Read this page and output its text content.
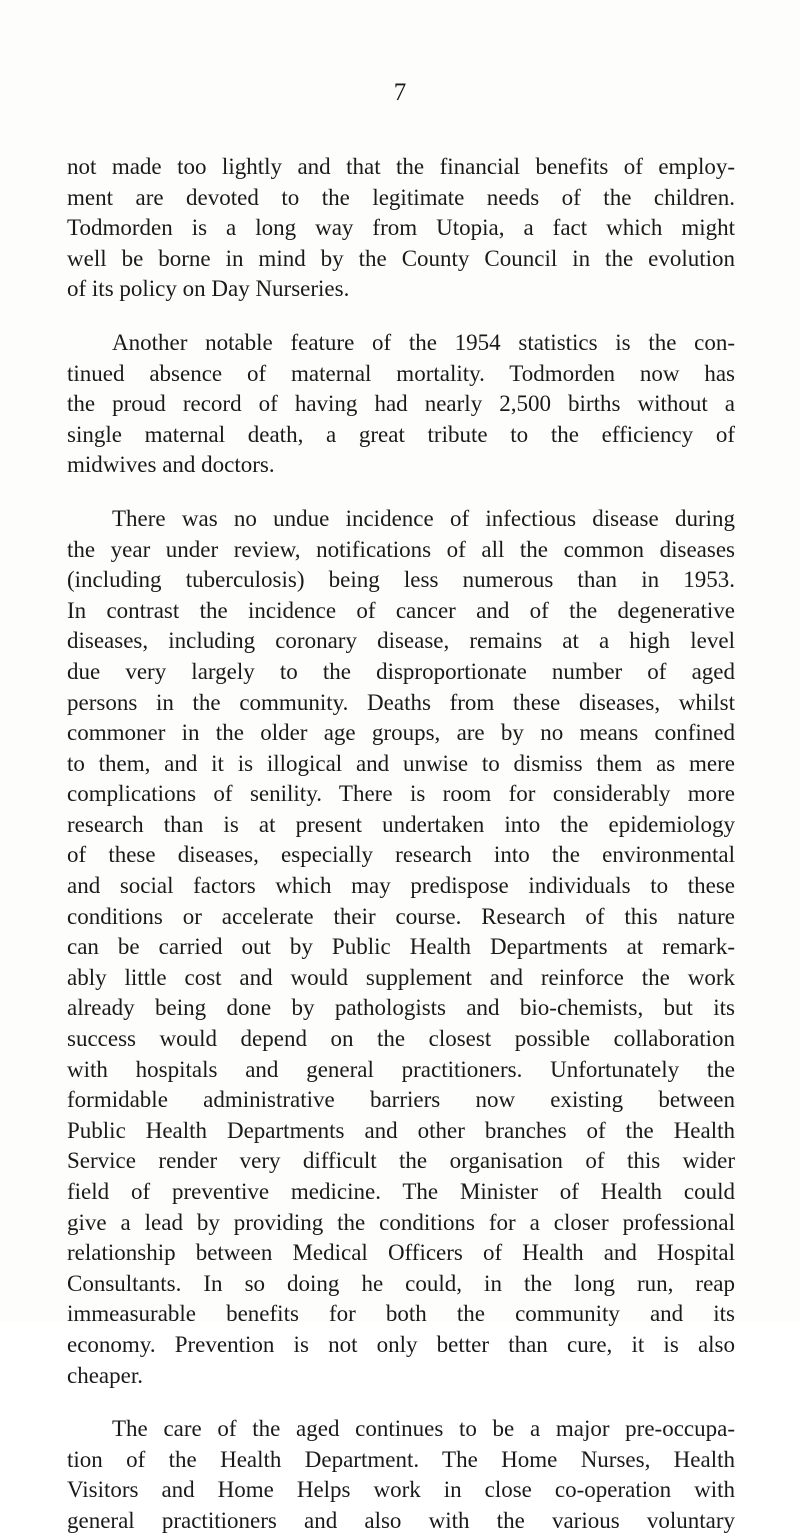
7

not made too lightly and that the financial benefits of employ-
ment are devoted to the legitimate needs of the children.
Todmorden is a long way from Utopia, a fact which might
well be borne in mind by the County Council in the evolution
of its policy on Day Nurseries.

Another notable feature of the 1954 statistics is the con-
tinued absence of maternal mortality. Todmorden now has
the proud record of having had nearly 2,500 births without a
single maternal death, a great tribute to the efficiency of
midwives and doctors.

There was no undue incidence of infectious disease during
the year under review, notifications of all the common diseases
(including tuberculosis) being less numerous than in 1953.
In contrast the incidence of cancer and of the degenerative
diseases, including coronary disease, remains at a high level
due very largely to the disproportionate number of aged
persons in the community. Deaths from these diseases, whilst
commoner in the older age groups, are by no means confined
to them, and it is illogical and unwise to dismiss them as mere
complications of senility. There is room for considerably more
research than is at present undertaken into the epidemiology
of these diseases, especially research into the environmental
and social factors which may predispose individuals to these
conditions or accelerate their course. Research of this nature
can be carried out by Public Health Departments at remark-
ably little cost and would supplement and reinforce the work
already being done by pathologists and bio-chemists, but its
success would depend on the closest possible collaboration
with hospitals and general practitioners. Unfortunately the
formidable administrative barriers now existing between
Public Health Departments and other branches of the Health
Service render very difficult the organisation of this wider
field of preventive medicine. The Minister of Health could
give a lead by providing the conditions for a closer professional
relationship between Medical Officers of Health and Hospital
Consultants. In so doing he could, in the long run, reap
immeasurable benefits for both the community and its
economy. Prevention is not only better than cure, it is also
cheaper.

The care of the aged continues to be a major pre-occupa-
tion of the Health Department. The Home Nurses, Health
Visitors and Home Helps work in close co-operation with
general practitioners and also with the various voluntary
